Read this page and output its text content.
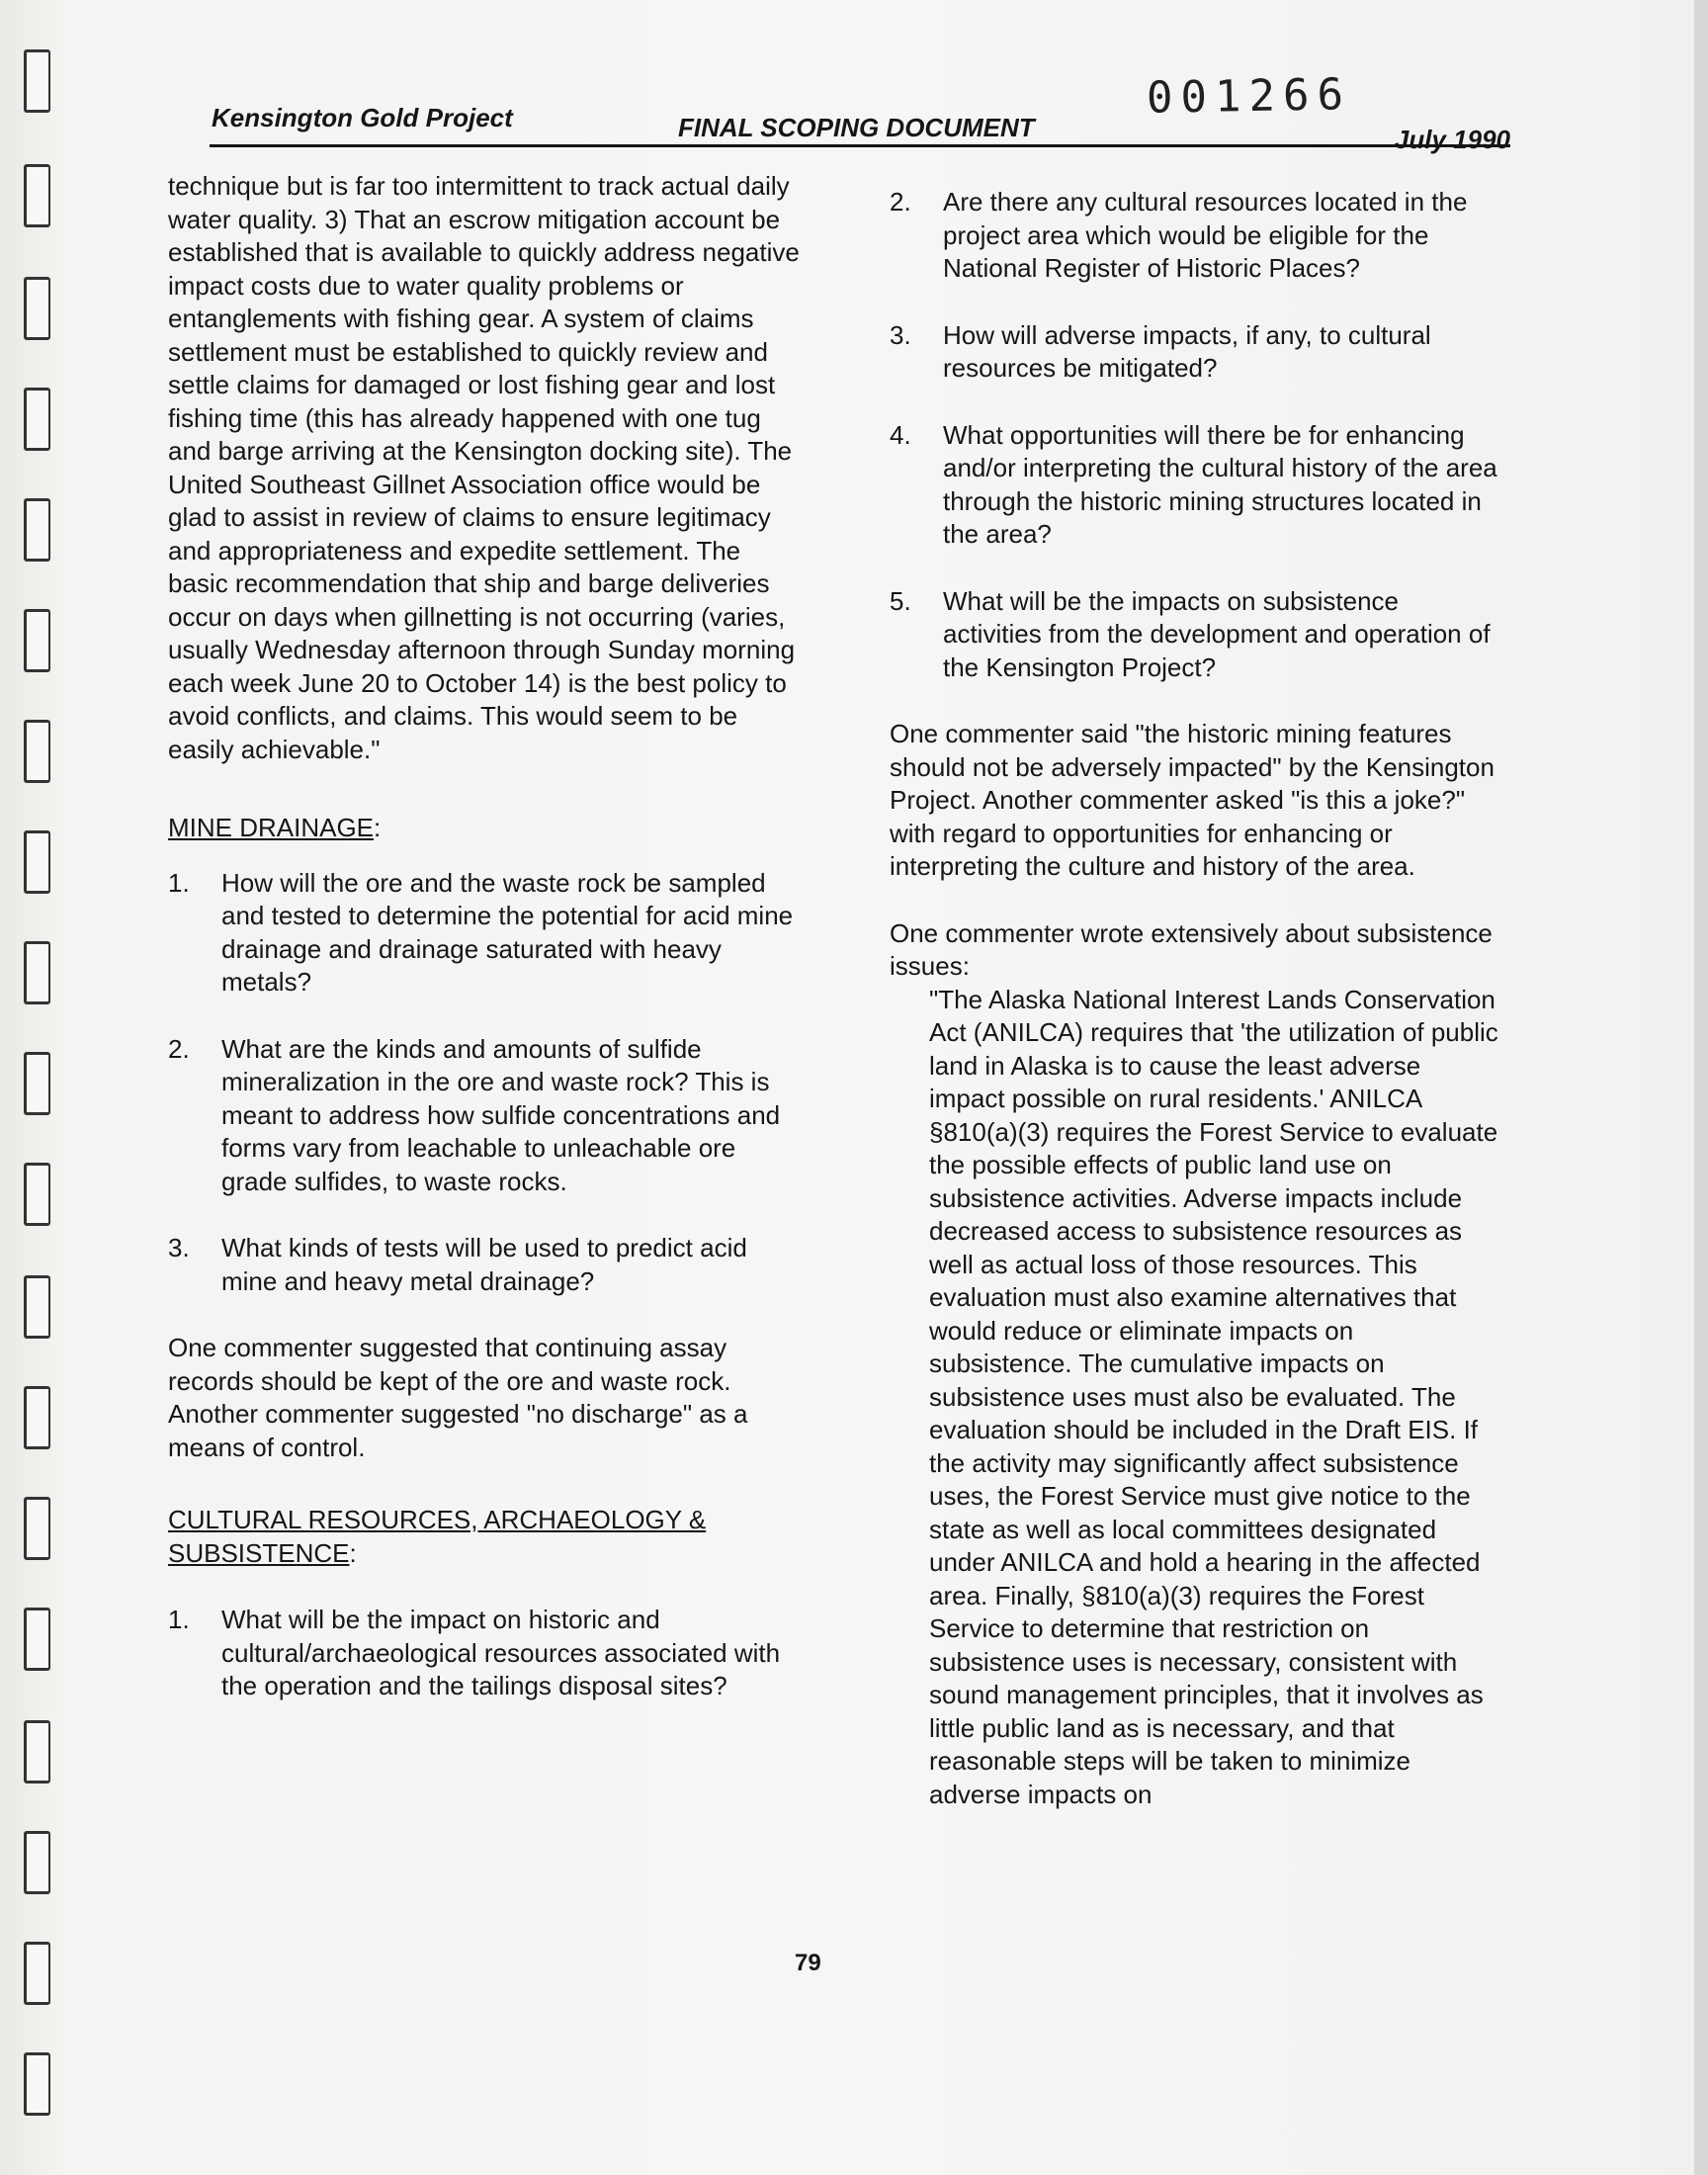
001266
Kensington Gold Project	FINAL SCOPING DOCUMENT	July 1990

technique but is far too intermittent to track actual daily water quality. 3) That an escrow mitigation account be established that is available to quickly address negative impact costs due to water quality problems or entanglements with fishing gear. A system of claims settlement must be established to quickly review and settle claims for damaged or lost fishing gear and lost fishing time (this has already happened with one tug and barge arriving at the Kensington docking site). The United Southeast Gillnet Association office would be glad to assist in review of claims to ensure legitimacy and appropriateness and expedite settlement. The basic recommendation that ship and barge deliveries occur on days when gillnetting is not occurring (varies, usually Wednesday afternoon through Sunday morning each week June 20 to October 14) is the best policy to avoid conflicts, and claims. This would seem to be easily achievable."

MINE DRAINAGE:

1.	How will the ore and the waste rock be sampled and tested to determine the potential for acid mine drainage and drainage saturated with heavy metals?
2.	What are the kinds and amounts of sulfide mineralization in the ore and waste rock? This is meant to address how sulfide concentrations and forms vary from leachable to unleachable ore grade sulfides, to waste rocks.
3.	What kinds of tests will be used to predict acid mine and heavy metal drainage?

One commenter suggested that continuing assay records should be kept of the ore and waste rock. Another commenter suggested "no discharge" as a means of control.

CULTURAL RESOURCES, ARCHAEOLOGY & SUBSISTENCE:

1.	What will be the impact on historic and cultural/archaeological resources associated with the operation and the tailings disposal sites?
2.	Are there any cultural resources located in the project area which would be eligible for the National Register of Historic Places?
3.	How will adverse impacts, if any, to cultural resources be mitigated?
4.	What opportunities will there be for enhancing and/or interpreting the cultural history of the area through the historic mining structures located in the area?
5.	What will be the impacts on subsistence activities from the development and operation of the Kensington Project?

One commenter said "the historic mining features should not be adversely impacted" by the Kensington Project. Another commenter asked "is this a joke?" with regard to opportunities for enhancing or interpreting the culture and history of the area.

One commenter wrote extensively about subsistence issues:

"The Alaska National Interest Lands Conservation Act (ANILCA) requires that 'the utilization of public land in Alaska is to cause the least adverse impact possible on rural residents.' ANILCA §810(a)(3) requires the Forest Service to evaluate the possible effects of public land use on subsistence activities. Adverse impacts include decreased access to subsistence resources as well as actual loss of those resources. This evaluation must also examine alternatives that would reduce or eliminate impacts on subsistence. The cumulative impacts on subsistence uses must also be evaluated. The evaluation should be included in the Draft EIS. If the activity may significantly affect subsistence uses, the Forest Service must give notice to the state as well as local committees designated under ANILCA and hold a hearing in the affected area. Finally, §810(a)(3) requires the Forest Service to determine that restriction on subsistence uses is necessary, consistent with sound management principles, that it involves as little public land as is necessary, and that reasonable steps will be taken to minimize adverse impacts on

79
